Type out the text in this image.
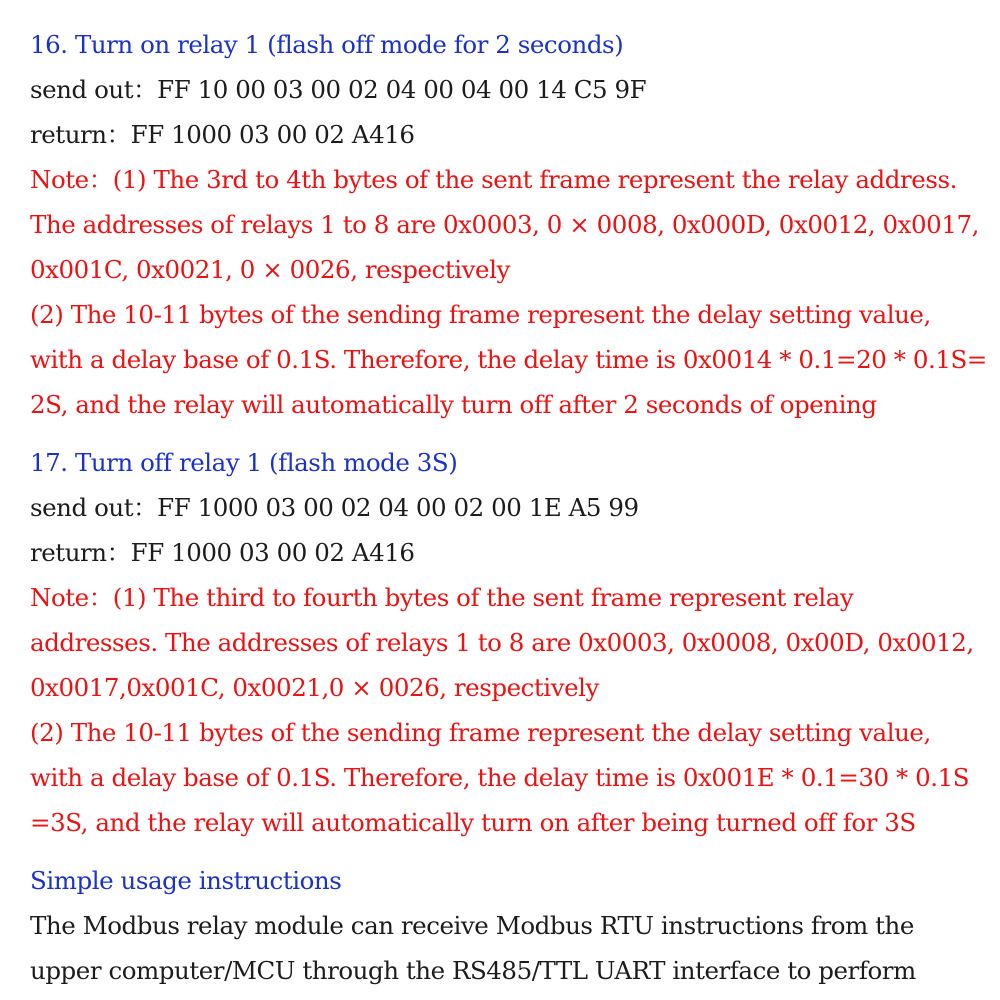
16. Turn on relay 1 (flash off mode for 2 seconds)
send out：FF 10 00 03 00 02 04 00 04 00 14 C5 9F
return：FF 1000 03 00 02 A416
Note：(1) The 3rd to 4th bytes of the sent frame represent the relay address.
The addresses of relays 1 to 8 are 0x0003, 0 × 0008, 0x000D, 0x0012, 0x0017,
0x001C, 0x0021, 0 × 0026, respectively
(2) The 10-11 bytes of the sending frame represent the delay setting value,
with a delay base of 0.1S. Therefore, the delay time is 0x0014 * 0.1=20 * 0.1S=
2S, and the relay will automatically turn off after 2 seconds of opening
17. Turn off relay 1 (flash mode 3S)
send out：FF 1000 03 00 02 04 00 02 00 1E A5 99
return：FF 1000 03 00 02 A416
Note：(1) The third to fourth bytes of the sent frame represent relay
addresses. The addresses of relays 1 to 8 are 0x0003, 0x0008, 0x00D, 0x0012,
0x0017,0x001C, 0x0021,0 × 0026, respectively
(2) The 10-11 bytes of the sending frame represent the delay setting value,
with a delay base of 0.1S. Therefore, the delay time is 0x001E * 0.1=30 * 0.1S
=3S, and the relay will automatically turn on after being turned off for 3S
Simple usage instructions
The Modbus relay module can receive Modbus RTU instructions from the
upper computer/MCU through the RS485/TTL UART interface to perform
